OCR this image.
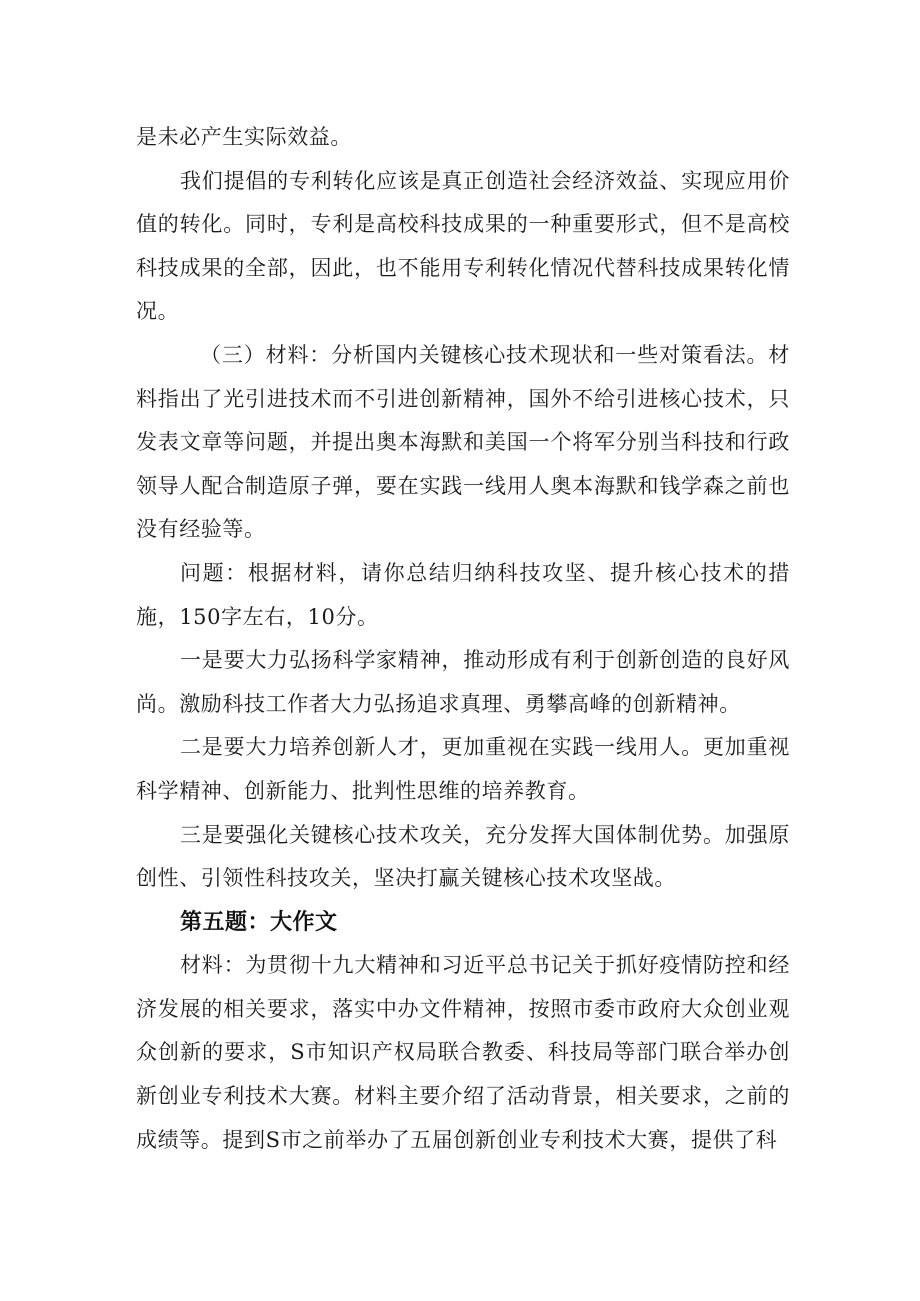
是未必产生实际效益。

我们提倡的专利转化应该是真正创造社会经济效益、实现应用价值的转化。同时，专利是高校科技成果的一种重要形式，但不是高校科技成果的全部，因此，也不能用专利转化情况代替科技成果转化情况。

（三）材料：分析国内关键核心技术现状和一些对策看法。材料指出了光引进技术而不引进创新精神，国外不给引进核心技术，只发表文章等问题，并提出奥本海默和美国一个将军分别当科技和行政领导人配合制造原子弹，要在实践一线用人奥本海默和钱学森之前也没有经验等。

问题：根据材料，请你总结归纳科技攻坚、提升核心技术的措施，150字左右，10分。

一是要大力弘扬科学家精神，推动形成有利于创新创造的良好风尚。激励科技工作者大力弘扬追求真理、勇攀高峰的创新精神。

二是要大力培养创新人才，更加重视在实践一线用人。更加重视科学精神、创新能力、批判性思维的培养教育。

三是要强化关键核心技术攻关，充分发挥大国体制优势。加强原创性、引领性科技攻关，坚决打赢关键核心技术攻坚战。

第五题：大作文

材料：为贯彻十九大精神和习近平总书记关于抓好疫情防控和经济发展的相关要求，落实中办文件精神，按照市委市政府大众创业观众创新的要求，S市知识产权局联合教委、科技局等部门联合举办创新创业专利技术大赛。材料主要介绍了活动背景，相关要求，之前的成绩等。提到S市之前举办了五届创新创业专利技术大赛，提供了科
